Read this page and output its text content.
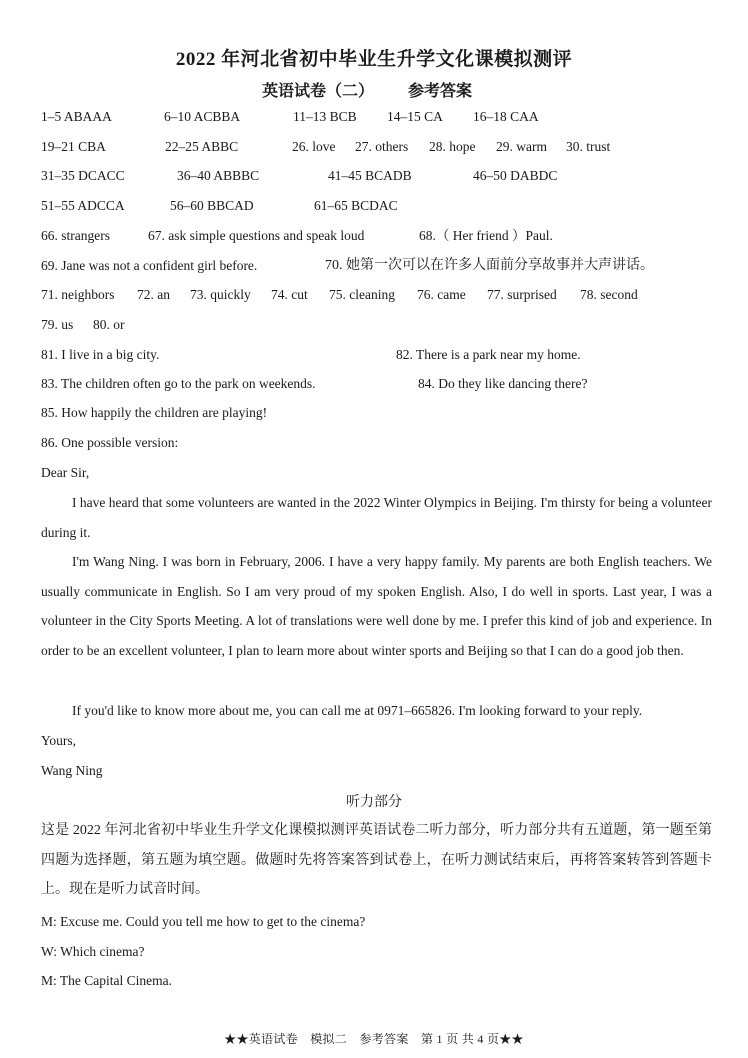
2022 年河北省初中毕业生升学文化课模拟测评
英语试卷（二） 参考答案
1–5 ABAAA	6–10 ACBBA	11–13 BCB 14–15 CA 16–18 CAA
19–21 CBA	22–25 ABBC	26. love 27. others 28. hope 29. warm 30. trust
31–35 DCACC	36–40 ABBBC	41–45 BCADB	46–50 DABDC
51–55 ADCCA	56–60 BBCAD	61–65 BCDAC
66. strangers	67. ask simple questions and speak loud	68.（ Her friend ）Paul.
69. Jane was not a confident girl before.	70. 她第一次可以在许多人面前分享故事并大声讲话。
71. neighbors 72. an 73. quickly 74. cut 75. cleaning 76. came 77. surprised 78. second
79. us 80. or
81. I live in a big city.	82. There is a park near my home.
83. The children often go to the park on weekends.	84. Do they like dancing there?
85. How happily the children are playing!
86. One possible version:
Dear Sir,
I have heard that some volunteers are wanted in the 2022 Winter Olympics in Beijing. I'm thirsty for being a volunteer during it.
I'm Wang Ning. I was born in February, 2006. I have a very happy family. My parents are both English teachers. We usually communicate in English. So I am very proud of my spoken English. Also, I do well in sports. Last year, I was a volunteer in the City Sports Meeting. A lot of translations were well done by me. I prefer this kind of job and experience. In order to be an excellent volunteer, I plan to learn more about winter sports and Beijing so that I can do a good job then.
If you'd like to know more about me, you can call me at 0971–665826. I'm looking forward to your reply.
Yours,
Wang Ning
听力部分
这是 2022 年河北省初中毕业生升学文化课模拟测评英语试卷二听力部分，听力部分共有五道题，第一题至第四题为选择题，第五题为填空题。做题时先将答案答到试卷上，在听力测试结束后，再将答案转答到答题卡上。现在是听力试音时间。
M: Excuse me. Could you tell me how to get to the cinema?
W: Which cinema?
M: The Capital Cinema.
★★英语试卷　模拟二　参考答案　第 1 页 共 4 页★★
